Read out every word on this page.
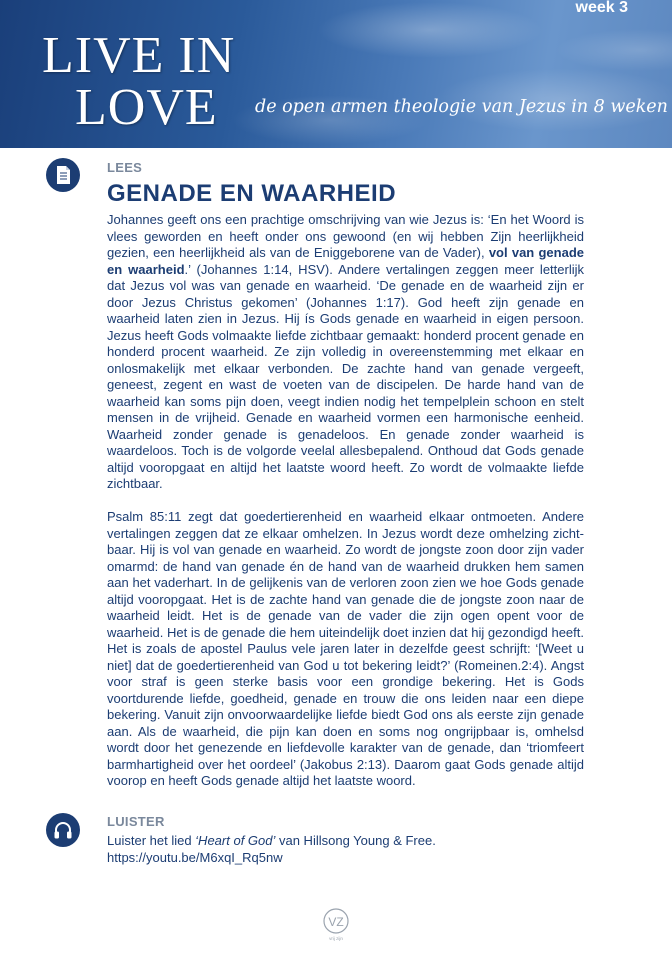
week 3
LIVE IN
LOVE de open armen theologie van Jezus in 8 weken
LEES
GENADE EN WAARHEID

Johannes geeft ons een prachtige omschrijving van wie Jezus is: ‘En het Woord is vlees geworden en heeft onder ons gewoond (en wij hebben Zijn heerlijkheid gezien, een heerlijkheid als van de Eniggeborene van de Vader), vol van genade en waarheid.’ (Johannes 1:14, HSV). Andere vertalingen zeggen meer letterlijk dat Jezus vol was van genade en waarheid. ‘De genade en de waarheid zijn er door Jezus Christus gekomen’ (Johannes 1:17). God heeft zijn genade en waarheid laten zien in Jezus. Hij ís Gods genade en waarheid in eigen persoon. Jezus heeft Gods volmaakte liefde zichtbaar gemaakt: honderd procent genade en honderd procent waarheid. Ze zijn volledig in overeenstemming met elkaar en onlosmakelijk met elkaar verbonden. De zachte hand van genade vergeeft, geneest, zegent en wast de voeten van de discipelen. De harde hand van de waarheid kan soms pijn doen, veegt indien nodig het tempelplein schoon en stelt mensen in de vrijheid. Genade en waarheid vormen een harmonische eenheid. Waarheid zonder genade is genadeloos. En genade zonder waarheid is waardeloos. Toch is de volgorde veelal allesbepalend. Onthoud dat Gods genade altijd vooropgaat en altijd het laatste woord heeft. Zo wordt de volmaakte liefde zichtbaar.

Psalm 85:11 zegt dat goedertierenheid en waarheid elkaar ontmoeten. Andere vertalingen zeggen dat ze elkaar omhelzen. In Jezus wordt deze omhelzing zichtbaar. Hij is vol van genade en waarheid. Zo wordt de jongste zoon door zijn vader omarmd: de hand van genade én de hand van de waarheid drukken hem samen aan het vaderhart. In de gelijkenis van de verloren zoon zien we hoe Gods genade altijd vooropgaat. Het is de zachte hand van genade die de jongste zoon naar de waarheid leidt. Het is de genade van de vader die zijn ogen opent voor de waarheid. Het is de genade die hem uiteindelijk doet inzien dat hij gezondigd heeft. Het is zoals de apostel Paulus vele jaren later in dezelfde geest schrijft: ‘[Weet u niet] dat de goedertierenheid van God u tot bekering leidt?’ (Romeinen.2:4). Angst voor straf is geen sterke basis voor een grondige bekering. Het is Gods voortdurende liefde, goedheid, genade en trouw die ons leiden naar een diepe bekering. Vanuit zijn onvoorwaardelijke liefde biedt God ons als eerste zijn genade aan. Als de waarheid, die pijn kan doen en soms nog ongrijpbaar is, omhelsd wordt door het genezende en liefdevolle karakter van de genade, dan ‘triomfeert barmhartigheid over het oordeel’ (Jakobus 2:13). Daarom gaat Gods genade altijd voorop en heeft Gods genade altijd het laatste woord.

LUISTER

Luister het lied ‘Heart of God’ van Hillsong Young & Free.
https://youtu.be/M6xqI_Rq5nw

VZ
vrij zijn
